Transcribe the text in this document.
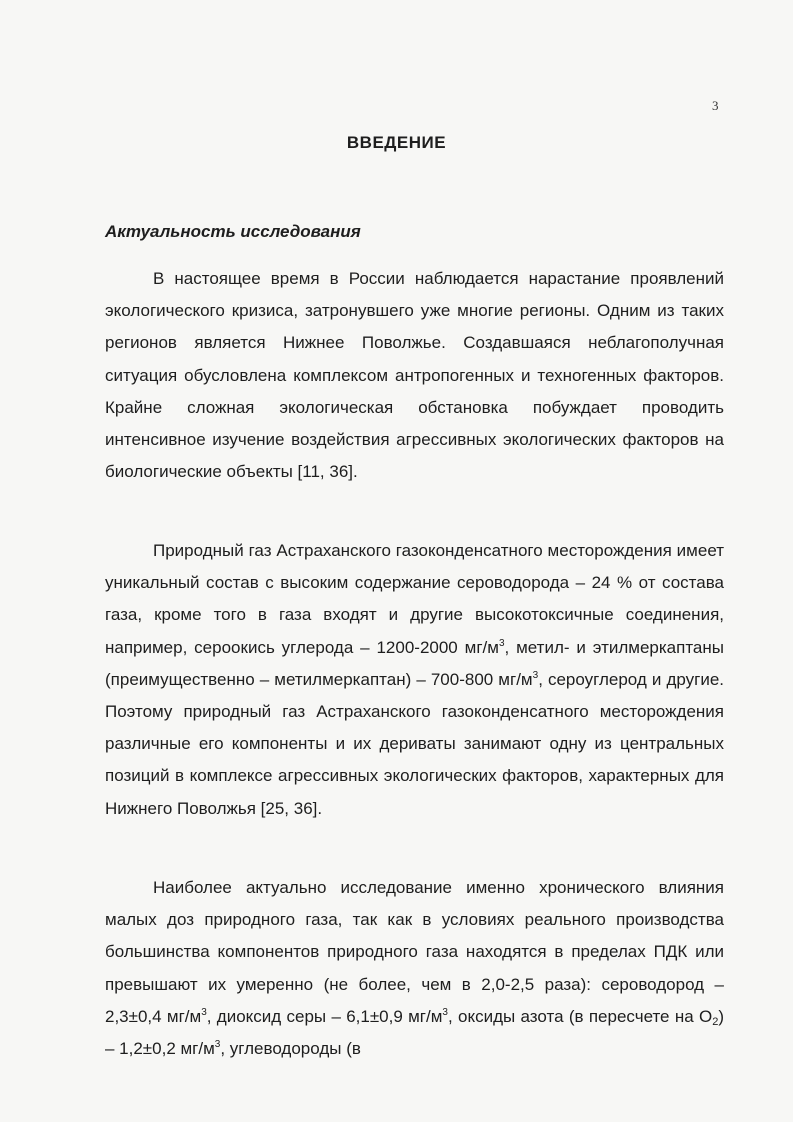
3
ВВЕДЕНИЕ
Актуальность исследования

В настоящее время в России наблюдается нарастание проявлений экологического кризиса, затронувшего уже многие регионы. Одним из таких регионов является Нижнее Поволжье. Создавшаяся неблагополучная ситуация обусловлена комплексом антропогенных и техногенных факторов. Крайне сложная экологическая обстановка побуждает проводить интенсивное изучение воздействия агрессивных экологических факторов на биологические объекты [11, 36].

Природный газ Астраханского газоконденсатного месторождения имеет уникальный состав с высоким содержание сероводорода – 24 % от состава газа, кроме того в газа входят и другие высокотоксичные соединения, например, сероокись углерода – 1200-2000 $мг/м^3$, метил- и этилмеркаптаны (преимущественно – метилмеркаптан) – 700-800 $мг/м^3$, сероуглерод и другие. Поэтому природный газ Астраханского газоконденсатного месторождения различные его компоненты и их дериваты занимают одну из центральных позиций в комплексе агрессивных экологических факторов, характерных для Нижнего Поволжья [25, 36].

Наиболее актуально исследование именно хронического влияния малых доз природного газа, так как в условиях реального производства большинства компонентов природного газа находятся в пределах ПДК или превышают их умеренно (не более, чем в 2,0-2,5 раза): сероводород – 2,3±0,4 $мг/м^3$, диоксид серы – 6,1±0,9 $мг/м^3$, оксиды азота (в пересчете на $O_2) - 1,2\pm 0,2$ $мг/м^3$, углеводороды (в
